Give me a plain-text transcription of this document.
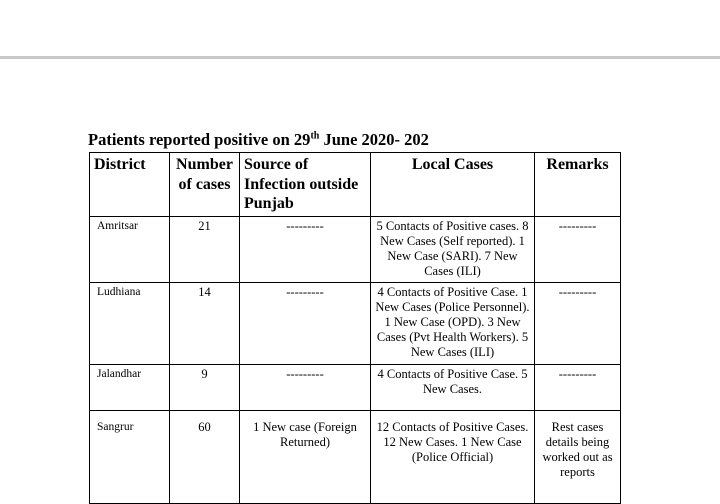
Patients reported positive on 29th June 2020- 202
District	Number of cases	Source of Infection outside Punjab	Local Cases	Remarks
Amritsar	21	---------	5 Contacts of Positive cases. 8 New Cases (Self reported). 1 New Case (SARI). 7 New Cases (ILI)	---------
Ludhiana	14	---------	4 Contacts of Positive Case. 1 New Cases (Police Personnel). 1 New Case (OPD). 3 New Cases (Pvt Health Workers). 5 New Cases (ILI)	---------
Jalandhar	9	---------	4 Contacts of Positive Case. 5 New Cases.	---------
Sangrur	60	1 New case (Foreign Returned)	12 Contacts of Positive Cases. 12 New Cases. 1 New Case (Police Official)	Rest cases details being worked out as reports
